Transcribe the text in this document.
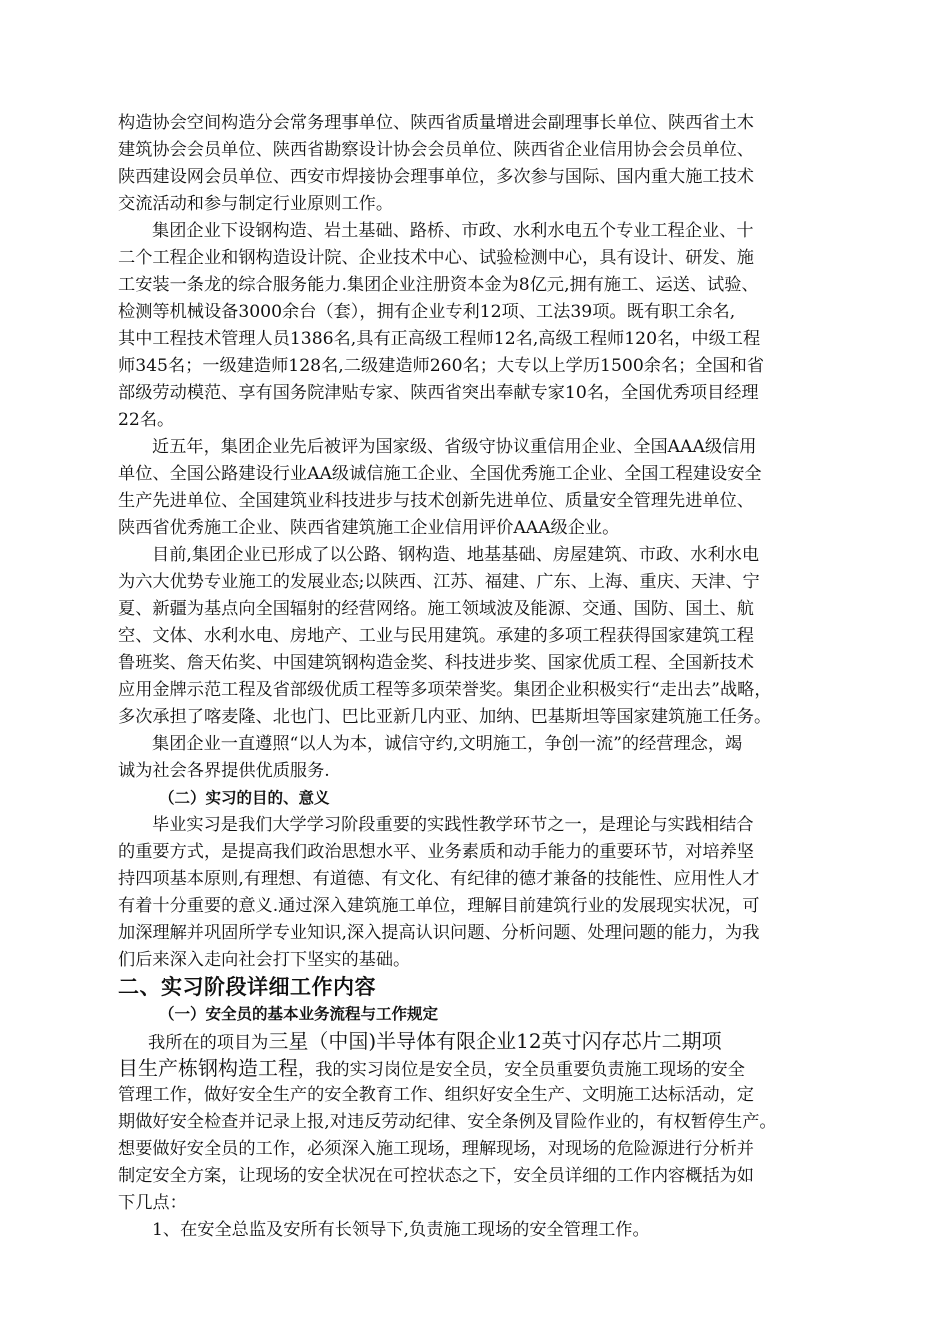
构造协会空间构造分会常务理事单位、陕西省质量增进会副理事长单位、陕西省土木
建筑协会会员单位、陕西省勘察设计协会会员单位、陕西省企业信用协会会员单位、
陕西建设网会员单位、西安市焊接协会理事单位，多次参与国际、国内重大施工技术
交流活动和参与制定行业原则工作。
集团企业下设钢构造、岩土基础、路桥、市政、水利水电五个专业工程企业、十
二个工程企业和钢构造设计院、企业技术中心、试验检测中心，具有设计、研发、施
工安装一条龙的综合服务能力.集团企业注册资本金为8亿元,拥有施工、运送、试验、
检测等机械设备3000余台（套），拥有企业专利12项、工法39项。既有职工余名,
其中工程技术管理人员1386名,具有正高级工程师12名,高级工程师120名，中级工程
师345名；一级建造师128名,二级建造师260名；大专以上学历1500余名；全国和省
部级劳动模范、享有国务院津贴专家、陕西省突出奉献专家10名，全国优秀项目经理
22名。
近五年，集团企业先后被评为国家级、省级守协议重信用企业、全国AAA级信用
单位、全国公路建设行业AA级诚信施工企业、全国优秀施工企业、全国工程建设安全
生产先进单位、全国建筑业科技进步与技术创新先进单位、质量安全管理先进单位、
陕西省优秀施工企业、陕西省建筑施工企业信用评价AAA级企业。
目前,集团企业已形成了以公路、钢构造、地基基础、房屋建筑、市政、水利水电
为六大优势专业施工的发展业态;以陕西、江苏、福建、广东、上海、重庆、天津、宁
夏、新疆为基点向全国辐射的经营网络。施工领域波及能源、交通、国防、国土、航
空、文体、水利水电、房地产、工业与民用建筑。承建的多项工程获得国家建筑工程
鲁班奖、詹天佑奖、中国建筑钢构造金奖、科技进步奖、国家优质工程、全国新技术
应用金牌示范工程及省部级优质工程等多项荣誉奖。集团企业积极实行“走出去”战略，
多次承担了喀麦隆、北也门、巴比亚新几内亚、加纳、巴基斯坦等国家建筑施工任务。
集团企业一直遵照“以人为本，诚信守约,文明施工，争创一流”的经营理念，竭
诚为社会各界提供优质服务.
（二）实习的目的、意义
毕业实习是我们大学学习阶段重要的实践性教学环节之一，是理论与实践相结合
的重要方式，是提高我们政治思想水平、业务素质和动手能力的重要环节，对培养坚
持四项基本原则,有理想、有道德、有文化、有纪律的德才兼备的技能性、应用性人才
有着十分重要的意义.通过深入建筑施工单位，理解目前建筑行业的发展现实状况，可
加深理解并巩固所学专业知识,深入提高认识问题、分析问题、处理问题的能力，为我
们后来深入走向社会打下坚实的基础。
二、实习阶段详细工作内容
（一）安全员的基本业务流程与工作规定
我所在的项目为三星（中国)半导体有限企业12英寸闪存芯片二期项
目生产栋钢构造工程，我的实习岗位是安全员，安全员重要负责施工现场的安全
管理工作，做好安全生产的安全教育工作、组织好安全生产、文明施工达标活动，定
期做好安全检查并记录上报,对违反劳动纪律、安全条例及冒险作业的，有权暂停生产。
想要做好安全员的工作，必须深入施工现场，理解现场，对现场的危险源进行分析并
制定安全方案，让现场的安全状况在可控状态之下，安全员详细的工作内容概括为如
下几点：
1、在安全总监及安所有长领导下,负责施工现场的安全管理工作。
